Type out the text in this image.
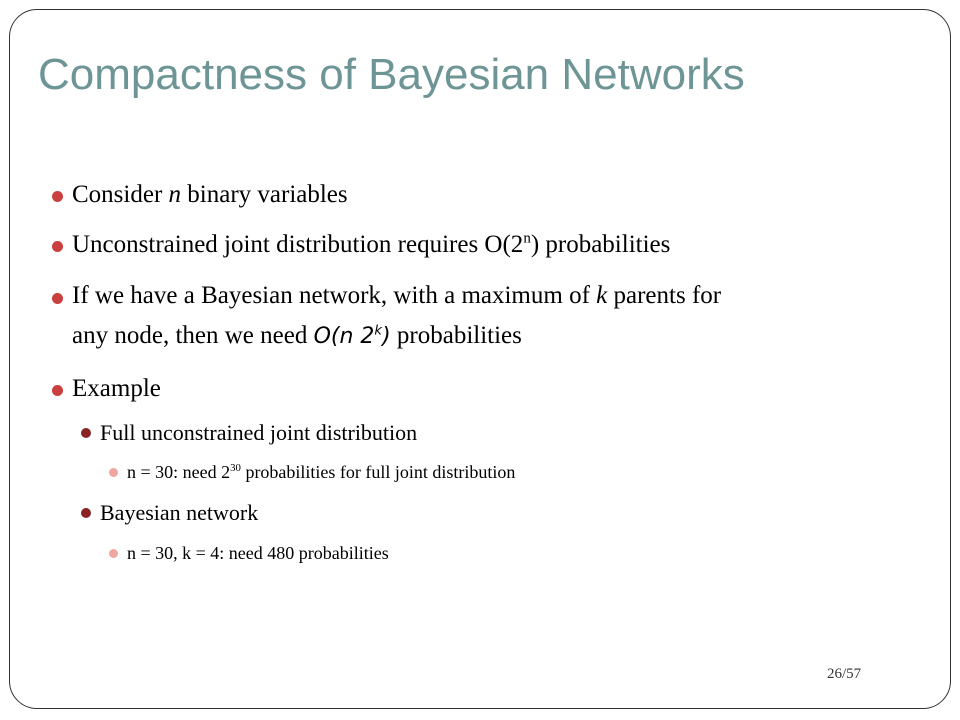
Compactness of Bayesian Networks
Consider n binary variables
Unconstrained joint distribution requires O(2$^n$) probabilities
If we have a Bayesian network, with a maximum of k parents for
any node, then we need O(n 2$^k$) probabilities
Example
Full unconstrained joint distribution
n = 30: need $2^{30}$ probabilities for full joint distribution
Bayesian network
n = 30, k = 4: need 480 probabilities
26/57
